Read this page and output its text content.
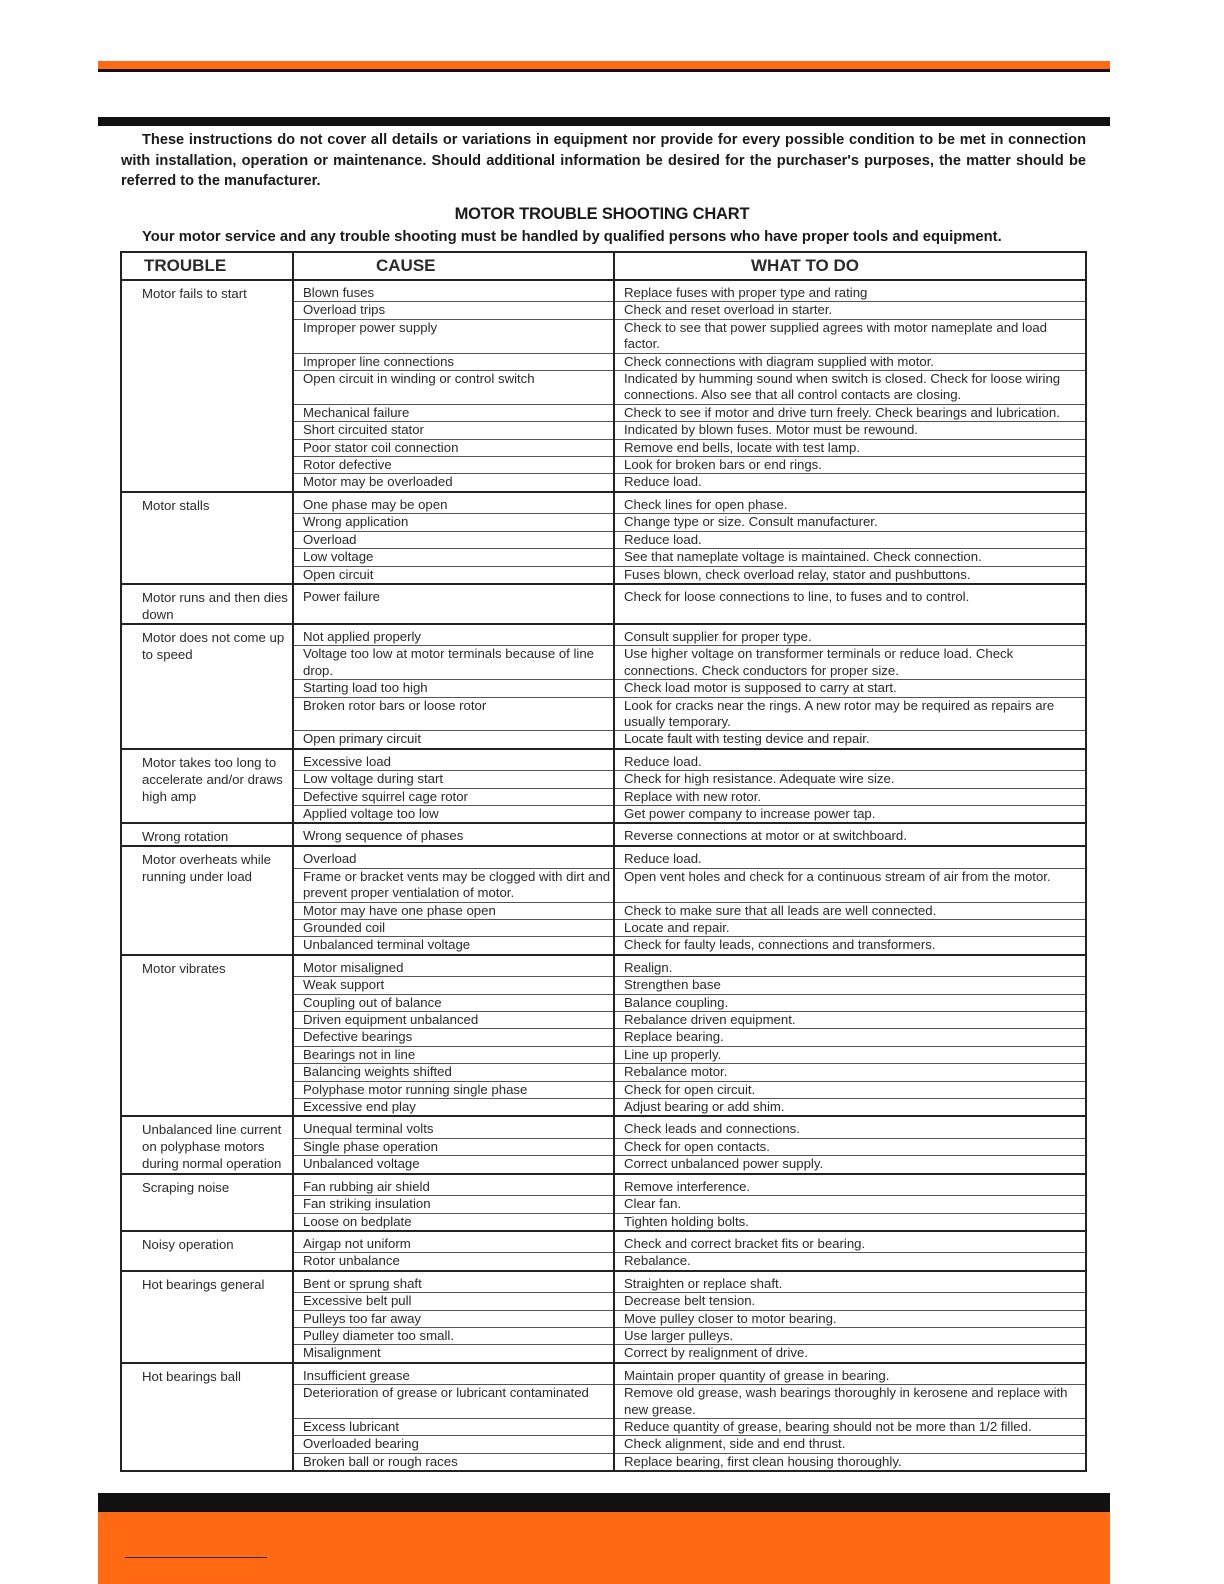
These instructions do not cover all details or variations in equipment nor provide for every possible condition to be met in connection with installation, operation or maintenance. Should additional information be desired for the purchaser's purposes, the matter should be referred to the manufacturer.
MOTOR TROUBLE SHOOTING CHART
Your motor service and any trouble shooting must be handled by qualified persons who have proper tools and equipment.
TROUBLE	CAUSE	WHAT TO DO
Motor fails to start	Blown fuses	Replace fuses with proper type and rating
	Overload trips	Check and reset overload in starter.
	Improper power supply	Check to see that power supplied agrees with motor nameplate and load factor.
	Improper line connections	Check connections with diagram supplied with motor.
	Open circuit in winding or control switch	Indicated by humming sound when switch is closed. Check for loose wiring connections. Also see that all control contacts are closing.
	Mechanical failure	Check to see if motor and drive turn freely. Check bearings and lubrication.
	Short circuited stator	Indicated by blown fuses. Motor must be rewound.
	Poor stator coil connection	Remove end bells, locate with test lamp.
	Rotor defective	Look for broken bars or end rings.
	Motor may be overloaded	Reduce load.
Motor stalls	One phase may be open	Check lines for open phase.
	Wrong application	Change type or size. Consult manufacturer.
	Overload	Reduce load.
	Low voltage	See that nameplate voltage is maintained. Check connection.
	Open circuit	Fuses blown, check overload relay, stator and pushbuttons.
Motor runs and then dies down	Power failure	Check for loose connections to line, to fuses and to control.
Motor does not come up to speed	Not applied properly	Consult supplier for proper type.
	Voltage too low at motor terminals because of line drop.	Use higher voltage on transformer terminals or reduce load. Check connections. Check conductors for proper size.
	Starting load too high	Check load motor is supposed to carry at start.
	Broken rotor bars or loose rotor	Look for cracks near the rings. A new rotor may be required as repairs are usually temporary.
	Open primary circuit	Locate fault with testing device and repair.
Motor takes too long to accelerate and/or draws high amp	Excessive load	Reduce load.
	Low voltage during start	Check for high resistance. Adequate wire size.
	Defective squirrel cage rotor	Replace with new rotor.
	Applied voltage too low	Get power company to increase power tap.
Wrong rotation	Wrong sequence of phases	Reverse connections at motor or at switchboard.
Motor overheats while running under load	Overload	Reduce load.
	Frame or bracket vents may be clogged with dirt and prevent proper ventialation of motor.	Open vent holes and check for a continuous stream of air from the motor.
	Motor may have one phase open	Check to make sure that all leads are well connected.
	Grounded coil	Locate and repair.
	Unbalanced terminal voltage	Check for faulty leads, connections and transformers.
Motor vibrates	Motor misaligned	Realign.
	Weak support	Strengthen base
	Coupling out of balance	Balance coupling.
	Driven equipment unbalanced	Rebalance driven equipment.
	Defective bearings	Replace bearing.
	Bearings not in line	Line up properly.
	Balancing weights shifted	Rebalance motor.
	Polyphase motor running single phase	Check for open circuit.
	Excessive end play	Adjust bearing or add shim.
Unbalanced line current on polyphase motors during normal operation	Unequal terminal volts	Check leads and connections.
	Single phase operation	Check for open contacts.
	Unbalanced voltage	Correct unbalanced power supply.
Scraping noise	Fan rubbing air shield	Remove interference.
	Fan striking insulation	Clear fan.
	Loose on bedplate	Tighten holding bolts.
Noisy operation	Airgap not uniform	Check and correct bracket fits or bearing.
	Rotor unbalance	Rebalance.
Hot bearings general	Bent or sprung shaft	Straighten or replace shaft.
	Excessive belt pull	Decrease belt tension.
	Pulleys too far away	Move pulley closer to motor bearing.
	Pulley diameter too small.	Use larger pulleys.
	Misalignment	Correct by realignment of drive.
Hot bearings ball	Insufficient grease	Maintain proper quantity of grease in bearing.
	Deterioration of grease or lubricant contaminated	Remove old grease, wash bearings thoroughly in kerosene and replace with new grease.
	Excess lubricant	Reduce quantity of grease, bearing should not be more than 1/2 filled.
	Overloaded bearing	Check alignment, side and end thrust.
	Broken ball or rough races	Replace bearing, first clean housing thoroughly.
